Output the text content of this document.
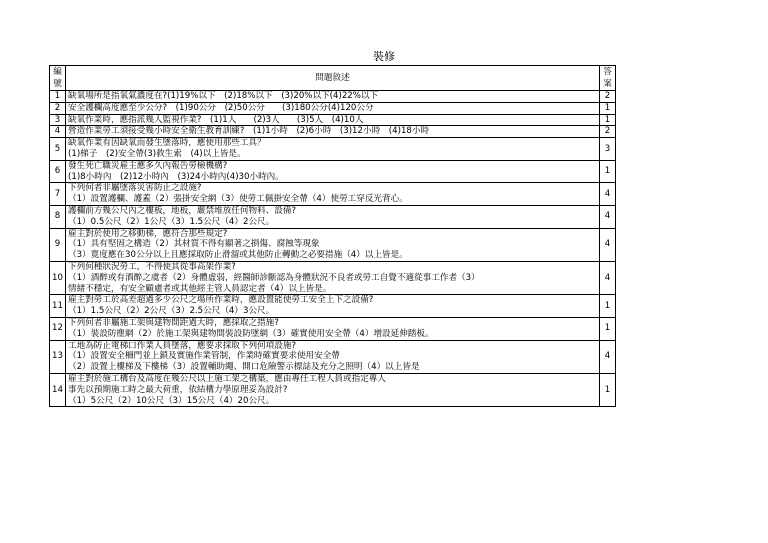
裝修
編
號	問題敘述	答
案

1	缺氧場所是指氧氣濃度在?(1)19%以下　(2)18%以下　(3)20%以下(4)22%以下	2
2	安全護欄高度應至少公分?　(1)90公分　(2)50公分　　(3)180公分(4)120公分	1
3	缺氧作業時，應指派幾人監視作業?　(1)1人　　(2)3人　　(3)5人　(4)10人	1
4	營造作業勞工須接受幾小時安全衛生教育訓練?　(1)1小時　(2)6小時　(3)12小時　(4)18小時	2
5	缺氧作業有因缺氧而發生墜落時，應使用那些工具？
(1)梯子　(2)安全帶(3)救生索　(4)以上皆是。	3
6	發生死亡職災雇主應多久內報告勞檢機構?
(1)8小時內　(2)12小時內　(3)24小時內(4)30小時內。	1
7	下列何者非屬墜落災害防止之設施?
（1）設置護欄、護蓋（2）張掛安全網（3）使勞工佩掛安全帶（4）使勞工穿反光背心。	4
8	護欄前方幾公尺內之樓板，地板，嚴禁堆放任何物料、設備?
（1）0.5公尺（2）1公尺（3）1.5公尺（4）2公尺。	4
9	雇主對於使用之移動梯，應符合那些規定?
（1）具有堅固之構造（2）其材質不得有顯著之損傷、腐蝕等現象
（3）寬度應在30公分以上且應採取防止滑溜或其他防止轉動之必要措施（4）以上皆是。	4
10	下列何種狀況勞工，不得使其從事高架作業?
（1）酒醉或有酒醉之虞者（2）身體虛弱，經醫師診斷認為身體狀況不良者或勞工自覺不適從事工作者（3）
情緒不穩定，有安全顧慮者或其他經主管人員認定者（4）以上皆是。	4
11	雇主對勞工於高差超過多少公尺之場所作業時，應設置能使勞工安全上下之設備?
（1）1.5公尺（2）2公尺（3）2.5公尺（4）3公尺。	1
12	下列何者非屬施工架與建物間距過大時，應採取之措施?
（1）裝設防塵網（2）於施工架與建物間裝設防墜網（3）確實使用安全帶（4）增設延伸踏板。	1
13	工地為防止電梯口作業人員墜落，應要求採取下列何項設施?
（1）設置安全柵門並上鎖及實施作業管制，作業時確實要求使用安全帶
（2）設置上樓梯及下樓梯（3）設置輔助繩、開口危險警示標誌及充分之照明（4）以上皆是	4
14	雇主對於施工構台及高度在幾公尺以上施工架之構築，應由專任工程人員或指定專人
事先以預期施工時之最大荷重，依結構力學原理妥為設計?
（1）5公尺（2）10公尺（3）15公尺（4）20公尺。	1
